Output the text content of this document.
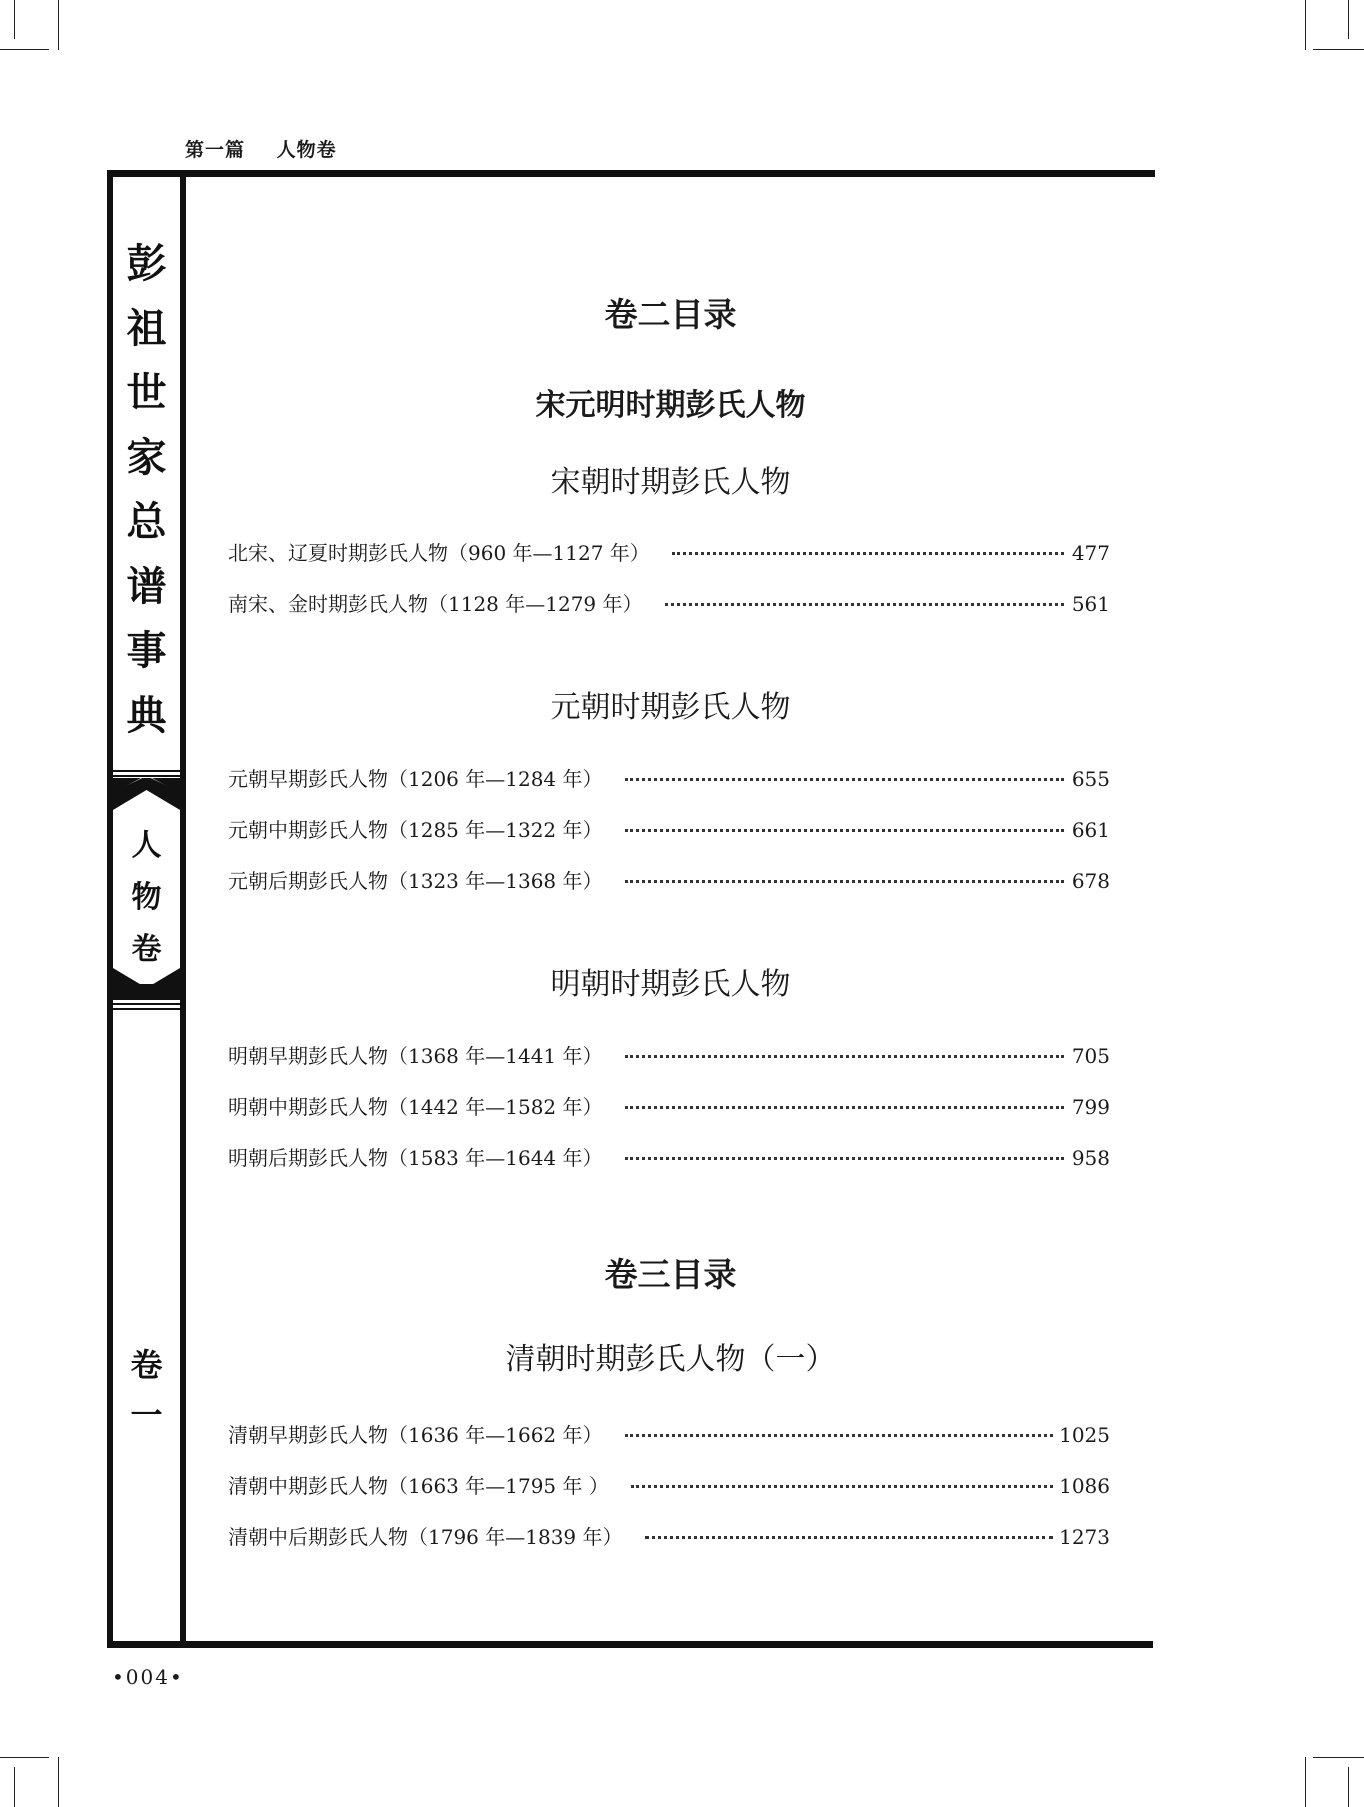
第一篇　 人物卷
彭
祖
世
家
总
谱
事
典
人
物
卷
卷
一
卷二目录
宋元明时期彭氏人物
宋朝时期彭氏人物
北宋、辽夏时期彭氏人物（960 年—1127 年）	477
南宋、金时期彭氏人物（1128 年—1279 年）	561
元朝时期彭氏人物
元朝早期彭氏人物（1206 年—1284 年）	655
元朝中期彭氏人物（1285 年—1322 年）	661
元朝后期彭氏人物（1323 年—1368 年）	678
明朝时期彭氏人物
明朝早期彭氏人物（1368 年—1441 年）	705
明朝中期彭氏人物（1442 年—1582 年）	799
明朝后期彭氏人物（1583 年—1644 年）	958
卷三目录
清朝时期彭氏人物（一）
清朝早期彭氏人物（1636 年—1662 年）	1025
清朝中期彭氏人物（1663 年—1795 年 ）	1086
清朝中后期彭氏人物（1796 年—1839 年）	1273
•004•
